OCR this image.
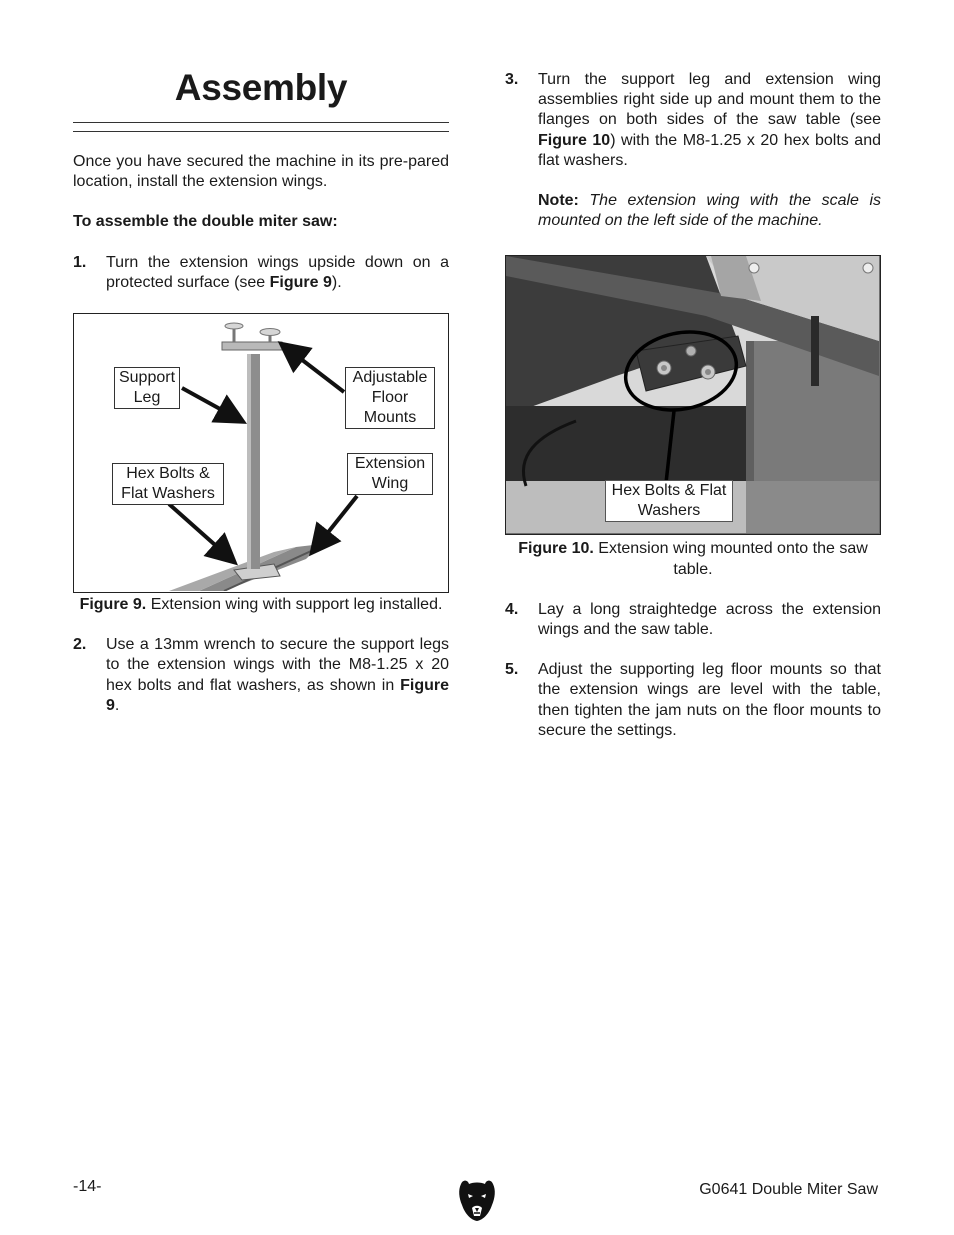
Assembly

Once you have secured the machine in its pre-pared location, install the extension wings.

To assemble the double miter saw:

1.	Turn the extension wings upside down on a protected surface (see Figure 9).
Support Leg
Adjustable Floor Mounts
Hex Bolts & Flat Washers
Extension Wing

Figure 9. Extension wing with support leg installed.

2.	Use a 13mm wrench to secure the support legs to the extension wings with the M8-1.25 x 20 hex bolts and flat washers, as shown in Figure 9.
3.	Turn the support leg and extension wing assemblies right side up and mount them to the flanges on both sides of the saw table (see Figure 10) with the M8-1.25 x 20 hex bolts and flat washers.
Note: The extension wing with the scale is mounted on the left side of the machine.
Hex Bolts & Flat Washers

Figure 10. Extension wing mounted onto the saw table.

4.	Lay a long straightedge across the extension wings and the saw table.
5.	Adjust the supporting leg floor mounts so that the extension wings are level with the table, then tighten the jam nuts on the floor mounts to secure the settings.
-14-	G0641 Double Miter Saw
